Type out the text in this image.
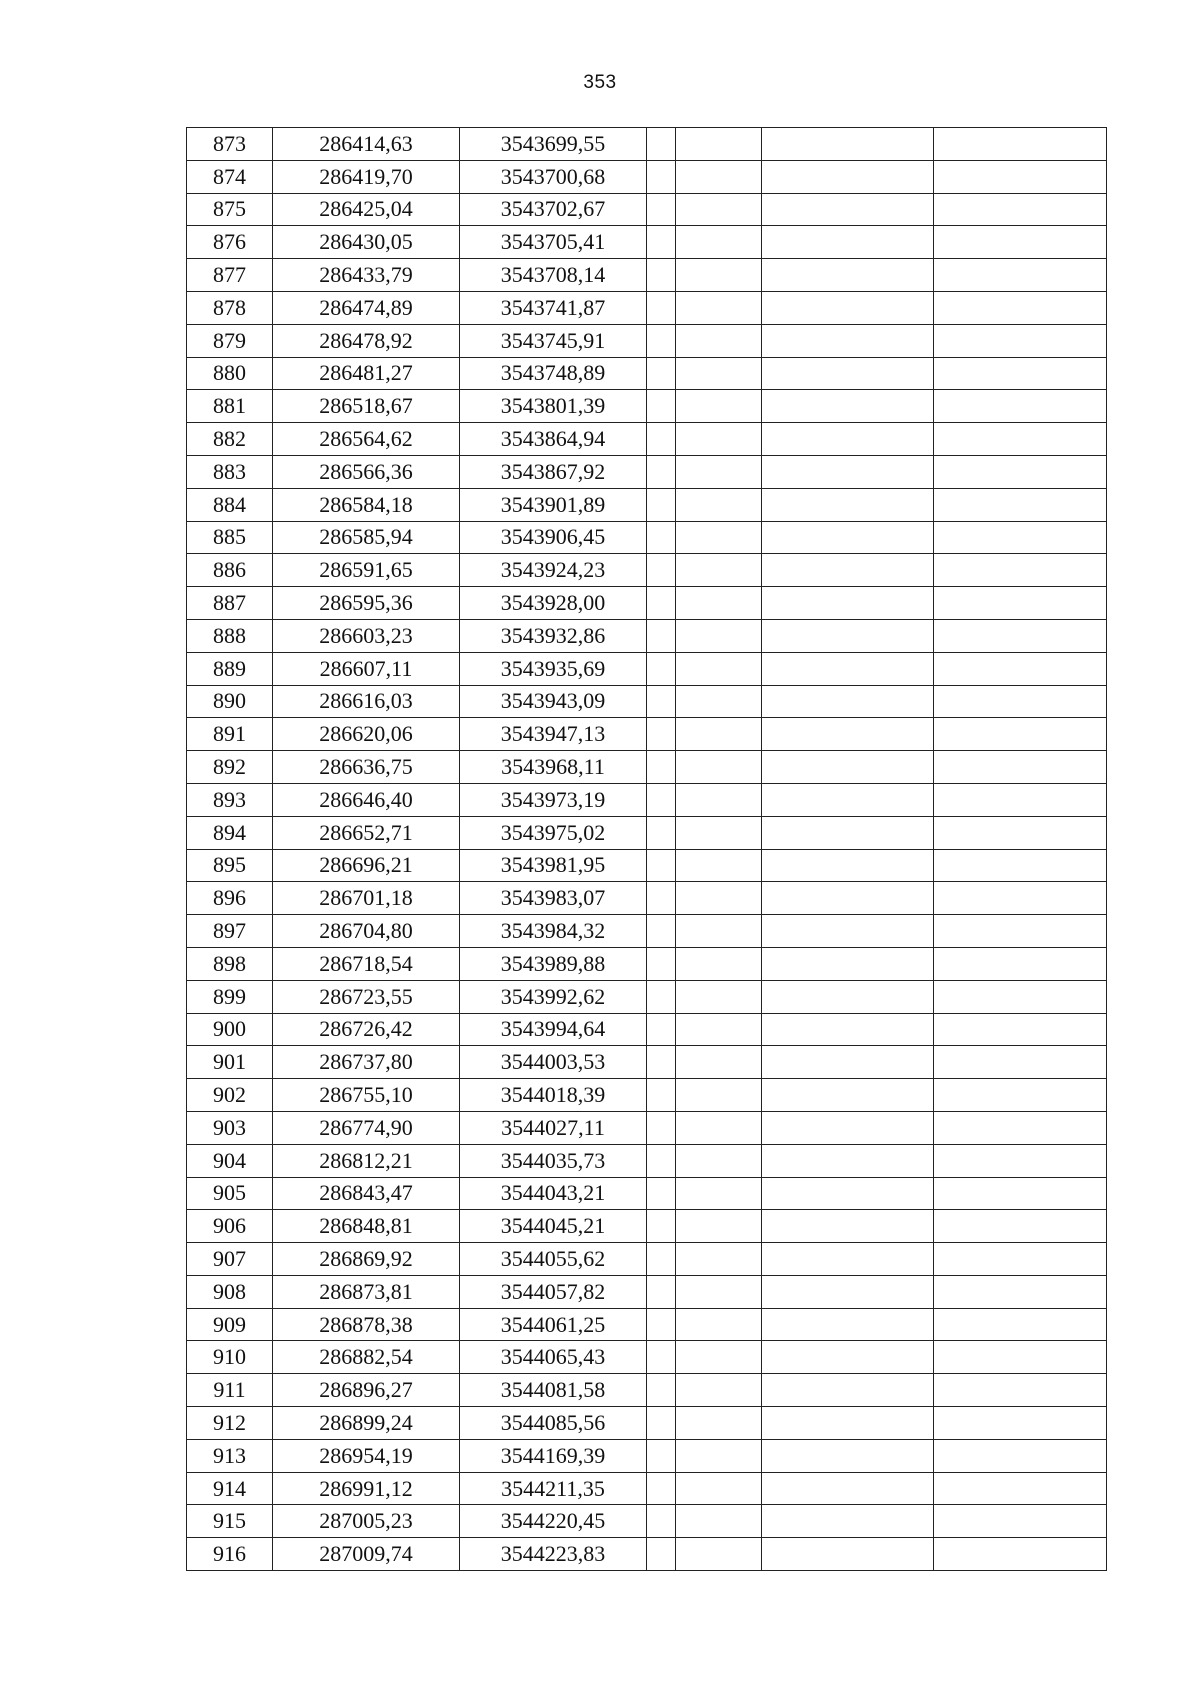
353
873	286414,63	3543699,55				
874	286419,70	3543700,68				
875	286425,04	3543702,67				
876	286430,05	3543705,41				
877	286433,79	3543708,14				
878	286474,89	3543741,87				
879	286478,92	3543745,91				
880	286481,27	3543748,89				
881	286518,67	3543801,39				
882	286564,62	3543864,94				
883	286566,36	3543867,92				
884	286584,18	3543901,89				
885	286585,94	3543906,45				
886	286591,65	3543924,23				
887	286595,36	3543928,00				
888	286603,23	3543932,86				
889	286607,11	3543935,69				
890	286616,03	3543943,09				
891	286620,06	3543947,13				
892	286636,75	3543968,11				
893	286646,40	3543973,19				
894	286652,71	3543975,02				
895	286696,21	3543981,95				
896	286701,18	3543983,07				
897	286704,80	3543984,32				
898	286718,54	3543989,88				
899	286723,55	3543992,62				
900	286726,42	3543994,64				
901	286737,80	3544003,53				
902	286755,10	3544018,39				
903	286774,90	3544027,11				
904	286812,21	3544035,73				
905	286843,47	3544043,21				
906	286848,81	3544045,21				
907	286869,92	3544055,62				
908	286873,81	3544057,82				
909	286878,38	3544061,25				
910	286882,54	3544065,43				
911	286896,27	3544081,58				
912	286899,24	3544085,56				
913	286954,19	3544169,39				
914	286991,12	3544211,35				
915	287005,23	3544220,45				
916	287009,74	3544223,83				
